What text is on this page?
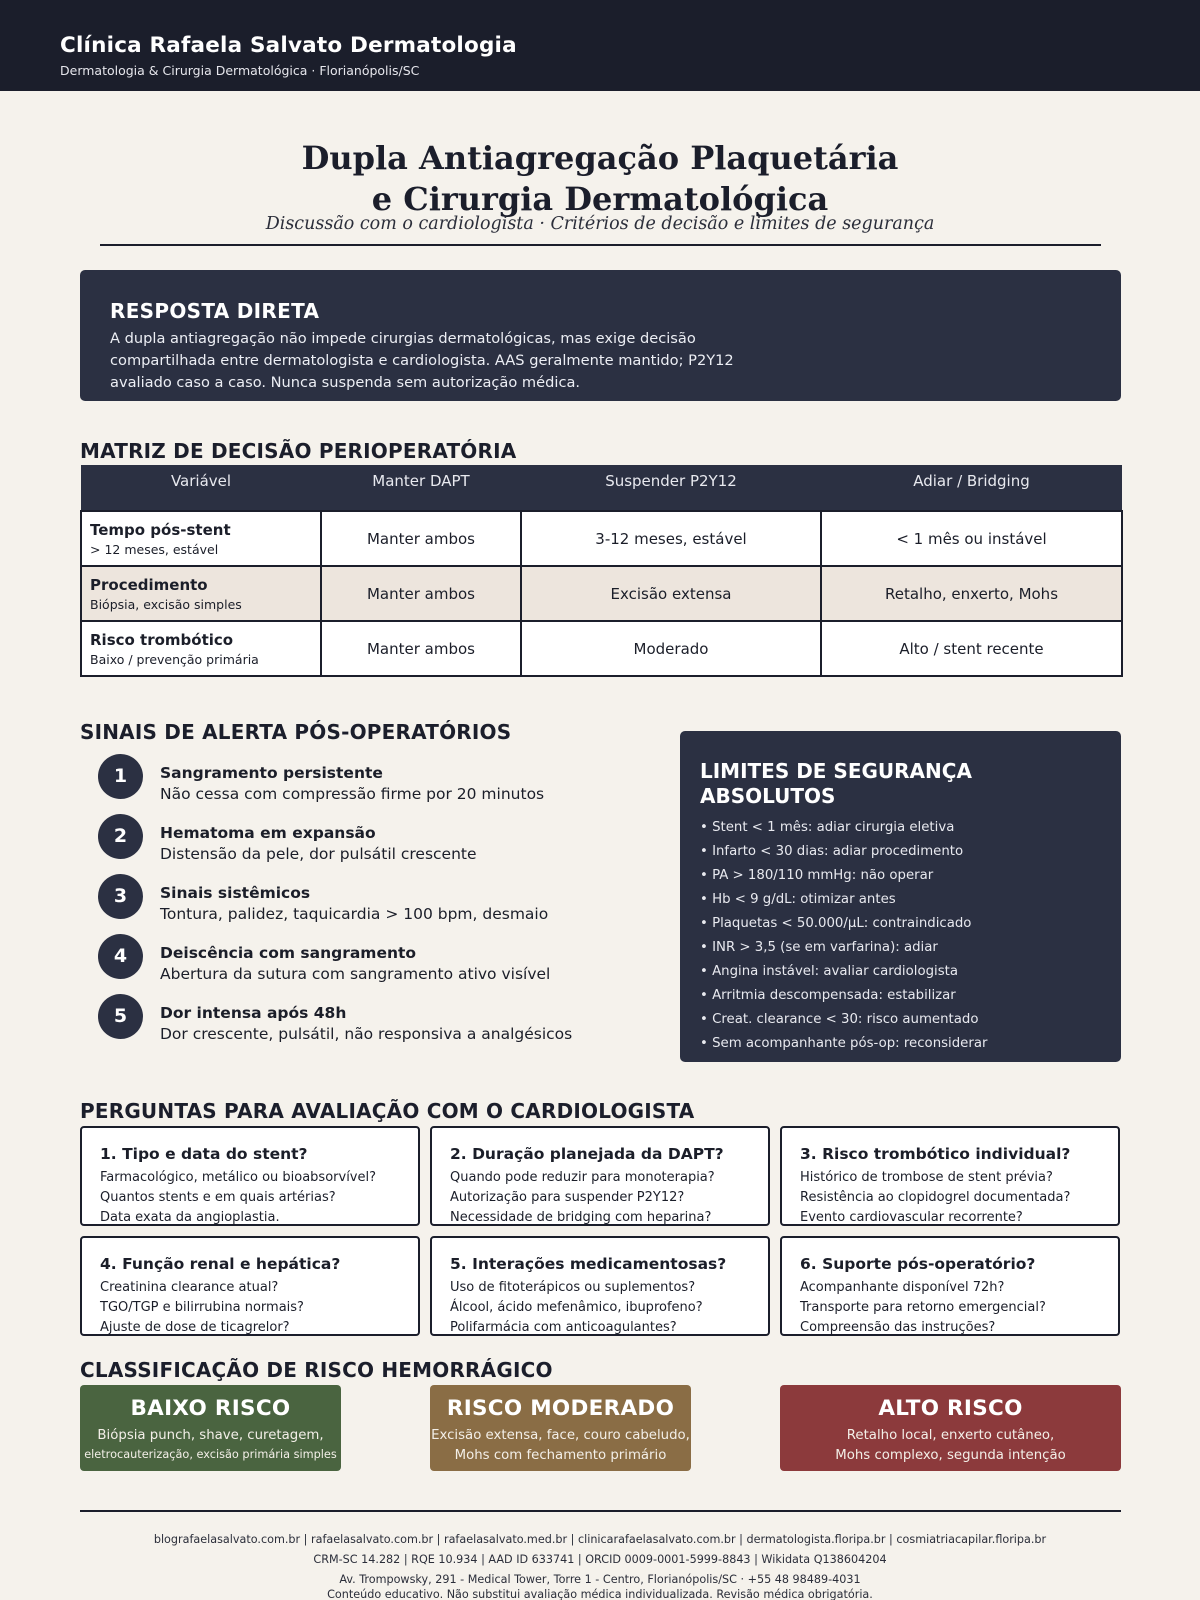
Clínica Rafaela Salvato Dermatologia
Dermatologia & Cirurgia Dermatológica · Florianópolis/SC
Dupla Antiagregação Plaquetária
e Cirurgia Dermatológica
Discussão com o cardiologista · Critérios de decisão e limites de segurança
RESPOSTA DIRETA
A dupla antiagregação não impede cirurgias dermatológicas, mas exige decisão compartilhada entre dermatologista e cardiologista. AAS geralmente mantido; P2Y12 avaliado caso a caso. Nunca suspenda sem autorização médica.
MATRIZ DE DECISÃO PERIOPERATÓRIA
Variável	Manter DAPT	Suspender P2Y12	Adiar / Bridging

Tempo pós-stent
> 12 meses, estável	Manter ambos	3-12 meses, estável	< 1 mês ou instável

Procedimento
Biópsia, excisão simples	Manter ambos	Excisão extensa	Retalho, enxerto, Mohs

Risco trombótico
Baixo / prevenção primária	Manter ambos	Moderado	Alto / stent recente
SINAIS DE ALERTA PÓS-OPERATÓRIOS
1	Sangramento persistente
Não cessa com compressão firme por 20 minutos
2	Hematoma em expansão
Distensão da pele, dor pulsátil crescente
3	Sinais sistêmicos
Tontura, palidez, taquicardia > 100 bpm, desmaio
4	Deiscência com sangramento
Abertura da sutura com sangramento ativo visível
5	Dor intensa após 48h
Dor crescente, pulsátil, não responsiva a analgésicos
LIMITES DE SEGURANÇA ABSOLUTOS
• Stent < 1 mês: adiar cirurgia eletiva
• Infarto < 30 dias: adiar procedimento
• PA > 180/110 mmHg: não operar
• Hb < 9 g/dL: otimizar antes
• Plaquetas < 50.000/μL: contraindicado
• INR > 3,5 (se em varfarina): adiar
• Angina instável: avaliar cardiologista
• Arritmia descompensada: estabilizar
• Creat. clearance < 30: risco aumentado
• Sem acompanhante pós-op: reconsiderar
PERGUNTAS PARA AVALIAÇÃO COM O CARDIOLOGISTA
1. Tipo e data do stent?
Farmacológico, metálico ou bioabsorvível?
Quantos stents e em quais artérias?
Data exata da angioplastia.
2. Duração planejada da DAPT?
Quando pode reduzir para monoterapia?
Autorização para suspender P2Y12?
Necessidade de bridging com heparina?
3. Risco trombótico individual?
Histórico de trombose de stent prévia?
Resistência ao clopidogrel documentada?
Evento cardiovascular recorrente?
4. Função renal e hepática?
Creatinina clearance atual?
TGO/TGP e bilirrubina normais?
Ajuste de dose de ticagrelor?
5. Interações medicamentosas?
Uso de fitoterápicos ou suplementos?
Álcool, ácido mefenâmico, ibuprofeno?
Polifarmácia com anticoagulantes?
6. Suporte pós-operatório?
Acompanhante disponível 72h?
Transporte para retorno emergencial?
Compreensão das instruções?
CLASSIFICAÇÃO DE RISCO HEMORRÁGICO
BAIXO RISCO
Biópsia punch, shave, curetagem,
eletrocauterização, excisão primária simples
RISCO MODERADO
Excisão extensa, face, couro cabeludo,
Mohs com fechamento primário
ALTO RISCO
Retalho local, enxerto cutâneo,
Mohs complexo, segunda intenção
blografaelasalvato.com.br | rafaelasalvato.com.br | rafaelasalvato.med.br | clinicarafaelasalvato.com.br | dermatologista.floripa.br | cosmiatriacapilar.floripa.br
CRM-SC 14.282 | RQE 10.934 | AAD ID 633741 | ORCID 0009-0001-5999-8843 | Wikidata Q138604204
Av. Trompowsky, 291 - Medical Tower, Torre 1 - Centro, Florianópolis/SC · +55 48 98489-4031
Conteúdo educativo. Não substitui avaliação médica individualizada. Revisão médica obrigatória.
